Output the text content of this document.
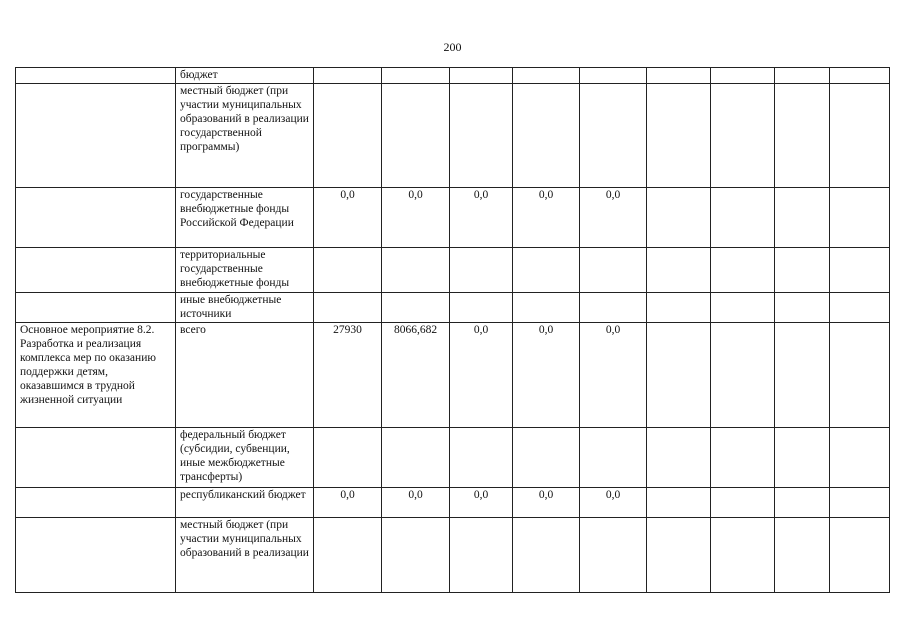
200
	бюджет									
	местный бюджет (при участии муниципальных образований в реализации государственной программы)									
	государственные внебюджетные фонды Российской Федерации	0,0	0,0	0,0	0,0	0,0				
	территориальные государственные внебюджетные фонды									
	иные внебюджетные источники									
Основное мероприятие 8.2. Разработка и реализация комплекса мер по оказанию поддержки детям, оказавшимся в трудной жизненной ситуации	всего	27930	8066,682	0,0	0,0	0,0				
	федеральный бюджет (субсидии, субвенции, иные межбюджетные трансферты)									
	республиканский бюджет	0,0	0,0	0,0	0,0	0,0				
	местный бюджет (при участии муниципальных образований в реализации									
